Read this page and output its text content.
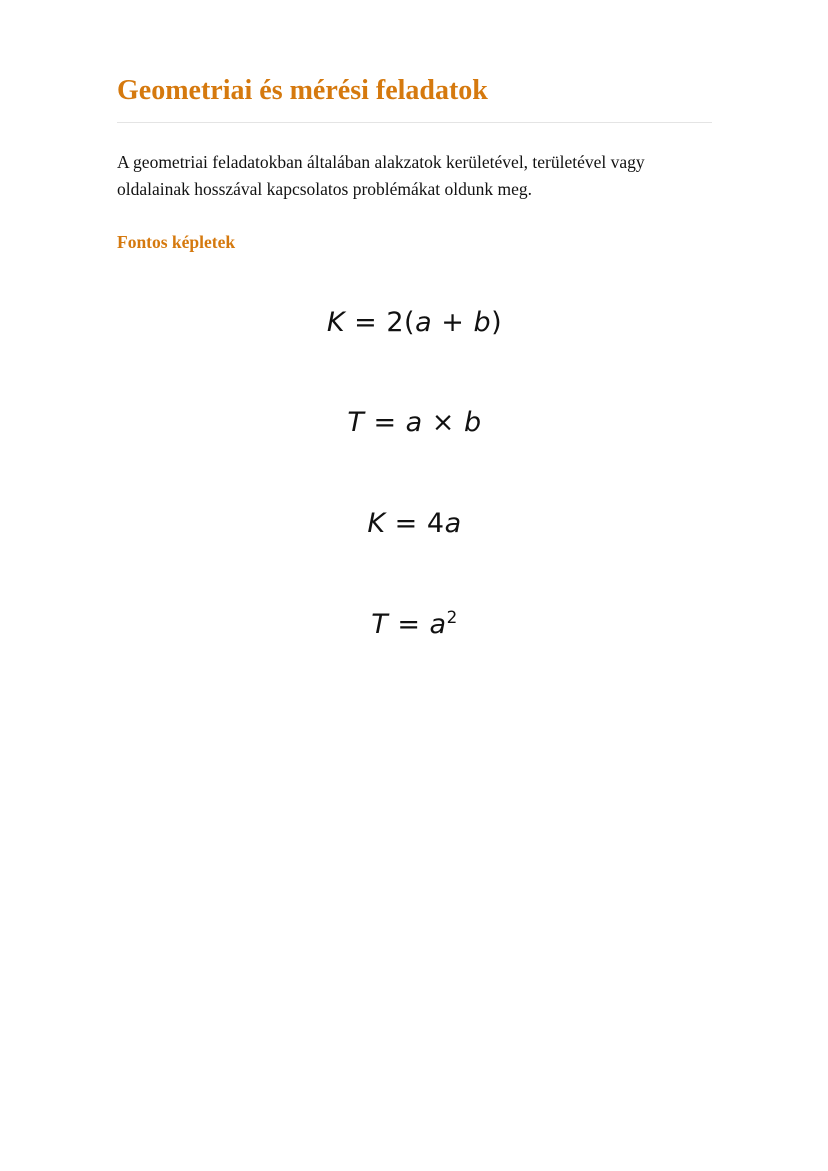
Geometriai és mérési feladatok

A geometriai feladatokban általában alakzatok kerületével, területével vagy oldalainak hosszával kapcsolatos problémákat oldunk meg.

Fontos képletek
K = 2(a + b)
T = a × b
K = 4a
$T = a^2$
